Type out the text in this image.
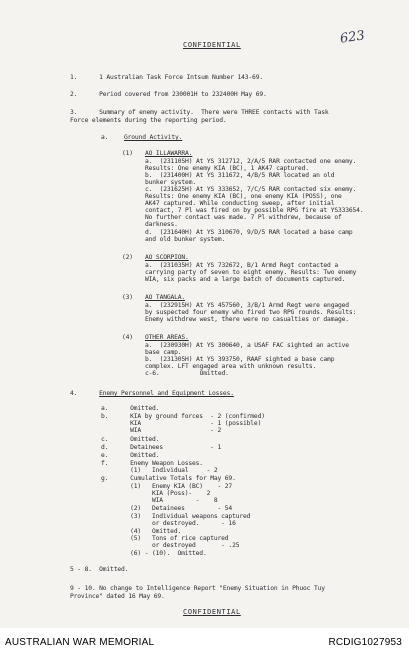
623
CONFIDENTIAL
1.      1 Australian Task Force Intsum Number 143-69.
2.      Period covered from 230001H to 232400H May 69.
3.      Summary of enemy activity.  There were THREE contacts with Task
Force elements during the reporting period.
a. Ground Activity.
(1) AO ILLAWARRA.
a.  (231105H) At YS 312712, 2/A/5 RAR contacted one enemy.
Results: One enemy KIA (BC), 1 AK47 captured.
b.  (231400H) At YS 311672, 4/B/5 RAR located an old
bunker system.
c.  (231625H) At YS 333652, 7/C/5 RAR contacted six enemy.
Results: One enemy KIA (BC), one enemy KIA (POSS), one
AK47 captured. While conducting sweep, after initial
contact, 7 Pl was fired on by possible RPG fire at YS333654.
No further contact was made. 7 Pl withdrew, because of
darkness.
d.  (231640H) At YS 310670, 9/D/5 RAR located a base camp
and old bunker system.
(2) AO SCORPION.
a.  (231035H) At YS 732672, B/1 Armd Regt contacted a
carrying party of seven to eight enemy. Results: Two enemy
WIA, six packs and a large batch of documents captured.
(3) AO TANGALA.
a.  (232915H) At YS 457560, 3/B/1 Armd Regt were engaged
by suspected four enemy who fired two RPG rounds. Results:
Enemy withdrew west, there were no casualties or damage.
(4) OTHER AREAS.
a.  (230930H) At YS 300640, a USAF FAC sighted an active
base camp.
b.  (231305H) At YS 393750, RAAF sighted a base camp
complex. LFT engaged area with unknown results.
c-6.           Omitted.
4.      Enemy Personnel and Equipment Losses.
a.      Omitted.
b.      KIA by ground forces  - 2 (confirmed)
KIA                   - 1 (possible)
WIA                   - 2
c.      Omitted.
d.      Detainees             - 1
e.      Omitted.
f.      Enemy Weapon Losses.
(1)   Individual     - 2
g.      Cumulative Totals for May 69.
(1)   Enemy KIA (BC)    - 27
KIA (Poss)-    2
WIA         -    8
(2)   Detainees         - 54
(3)   Individual weapons captured
or destroyed.      - 16
(4)   Omitted.
(5)   Tons of rice captured
or destroyed       - .25
(6) - (10).  Omitted.
5 - 8.  Omitted.
9 - 10. No change to Intelligence Report "Enemy Situation in Phuoc Tuy
Province" dated 16 May 69.
CONFIDENTIAL
AUSTRALIAN WAR MEMORIAL	RCDIG1027953
